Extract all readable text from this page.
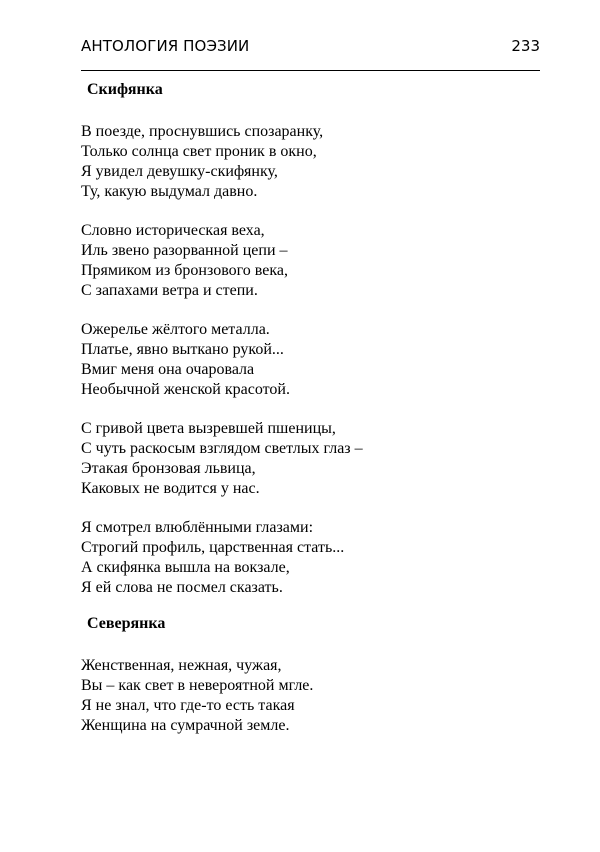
АНТОЛОГИЯ ПОЭЗИИ	233
Скифянка
В поезде, проснувшись спозаранку,
Только солнца свет проник в окно,
Я увидел девушку-скифянку,
Ту, какую выдумал давно.
Словно историческая веха,
Иль звено разорванной цепи –
Прямиком из бронзового века,
С запахами ветра и степи.
Ожерелье жёлтого металла.
Платье, явно выткано рукой...
Вмиг меня она очаровала
Необычной женской красотой.
С гривой цвета вызревшей пшеницы,
С чуть раскосым взглядом светлых глаз –
Этакая бронзовая львица,
Каковых не водится у нас.
Я смотрел влюблёнными глазами:
Строгий профиль, царственная стать...
А скифянка вышла на вокзале,
Я ей слова не посмел сказать.
Северянка
Женственная, нежная, чужая,
Вы – как свет в невероятной мгле.
Я не знал, что где-то есть такая
Женщина на сумрачной земле.
